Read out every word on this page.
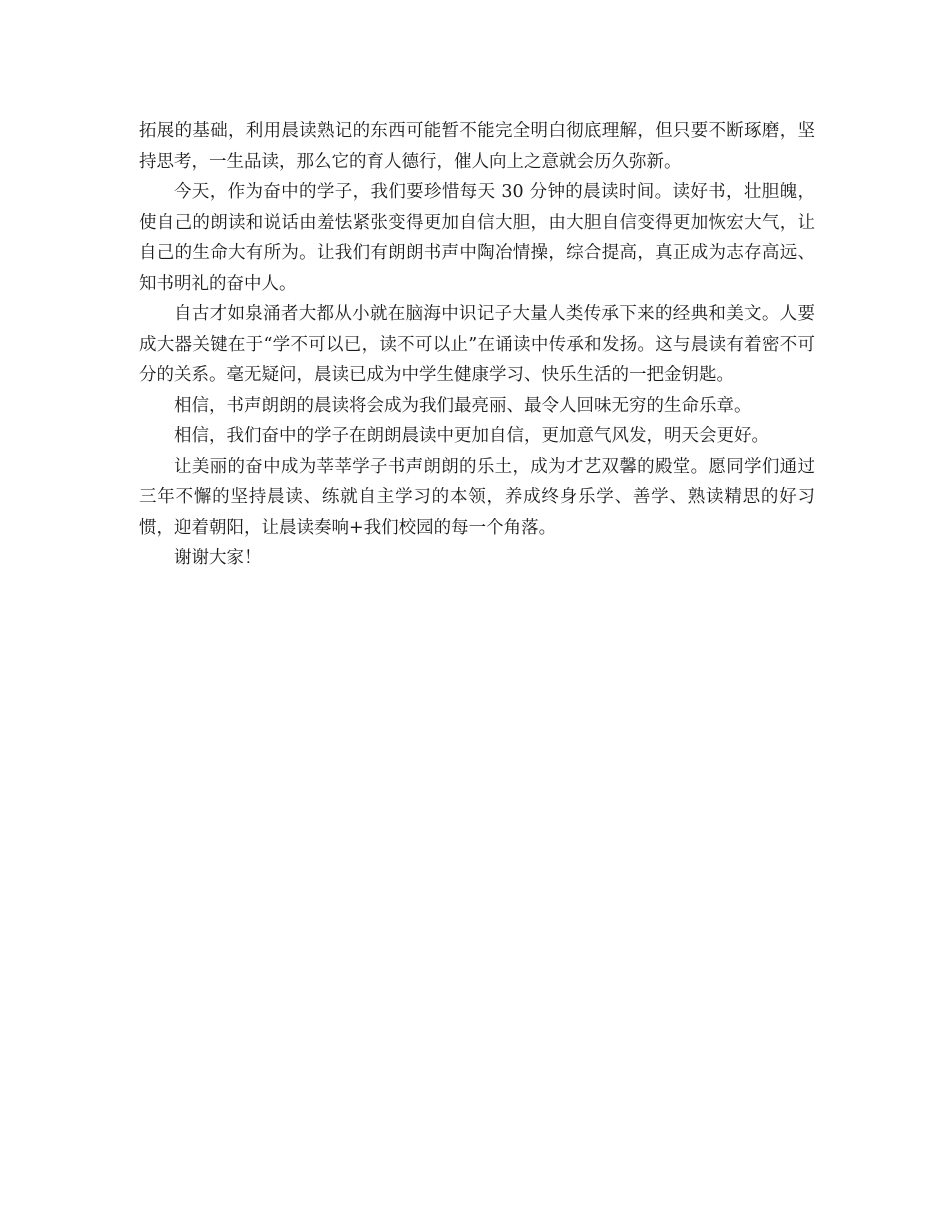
拓展的基础，利用晨读熟记的东西可能暂不能完全明白彻底理解，但只要不断琢磨，坚持思考，一生品读，那么它的育人德行，催人向上之意就会历久弥新。

今天，作为奋中的学子，我们要珍惜每天 30 分钟的晨读时间。读好书，壮胆魄，使自己的朗读和说话由羞怯紧张变得更加自信大胆，由大胆自信变得更加恢宏大气，让自己的生命大有所为。让我们有朗朗书声中陶冶情操，综合提高，真正成为志存高远、知书明礼的奋中人。

自古才如泉涌者大都从小就在脑海中识记子大量人类传承下来的经典和美文。人要成大器关键在于“学不可以已，读不可以止”在诵读中传承和发扬。这与晨读有着密不可分的关系。毫无疑问，晨读已成为中学生健康学习、快乐生活的一把金钥匙。

相信，书声朗朗的晨读将会成为我们最亮丽、最令人回味无穷的生命乐章。

相信，我们奋中的学子在朗朗晨读中更加自信，更加意气风发，明天会更好。

让美丽的奋中成为莘莘学子书声朗朗的乐土，成为才艺双馨的殿堂。愿同学们通过三年不懈的坚持晨读、练就自主学习的本领，养成终身乐学、善学、熟读精思的好习惯，迎着朝阳，让晨读奏响+我们校园的每一个角落。

谢谢大家！
